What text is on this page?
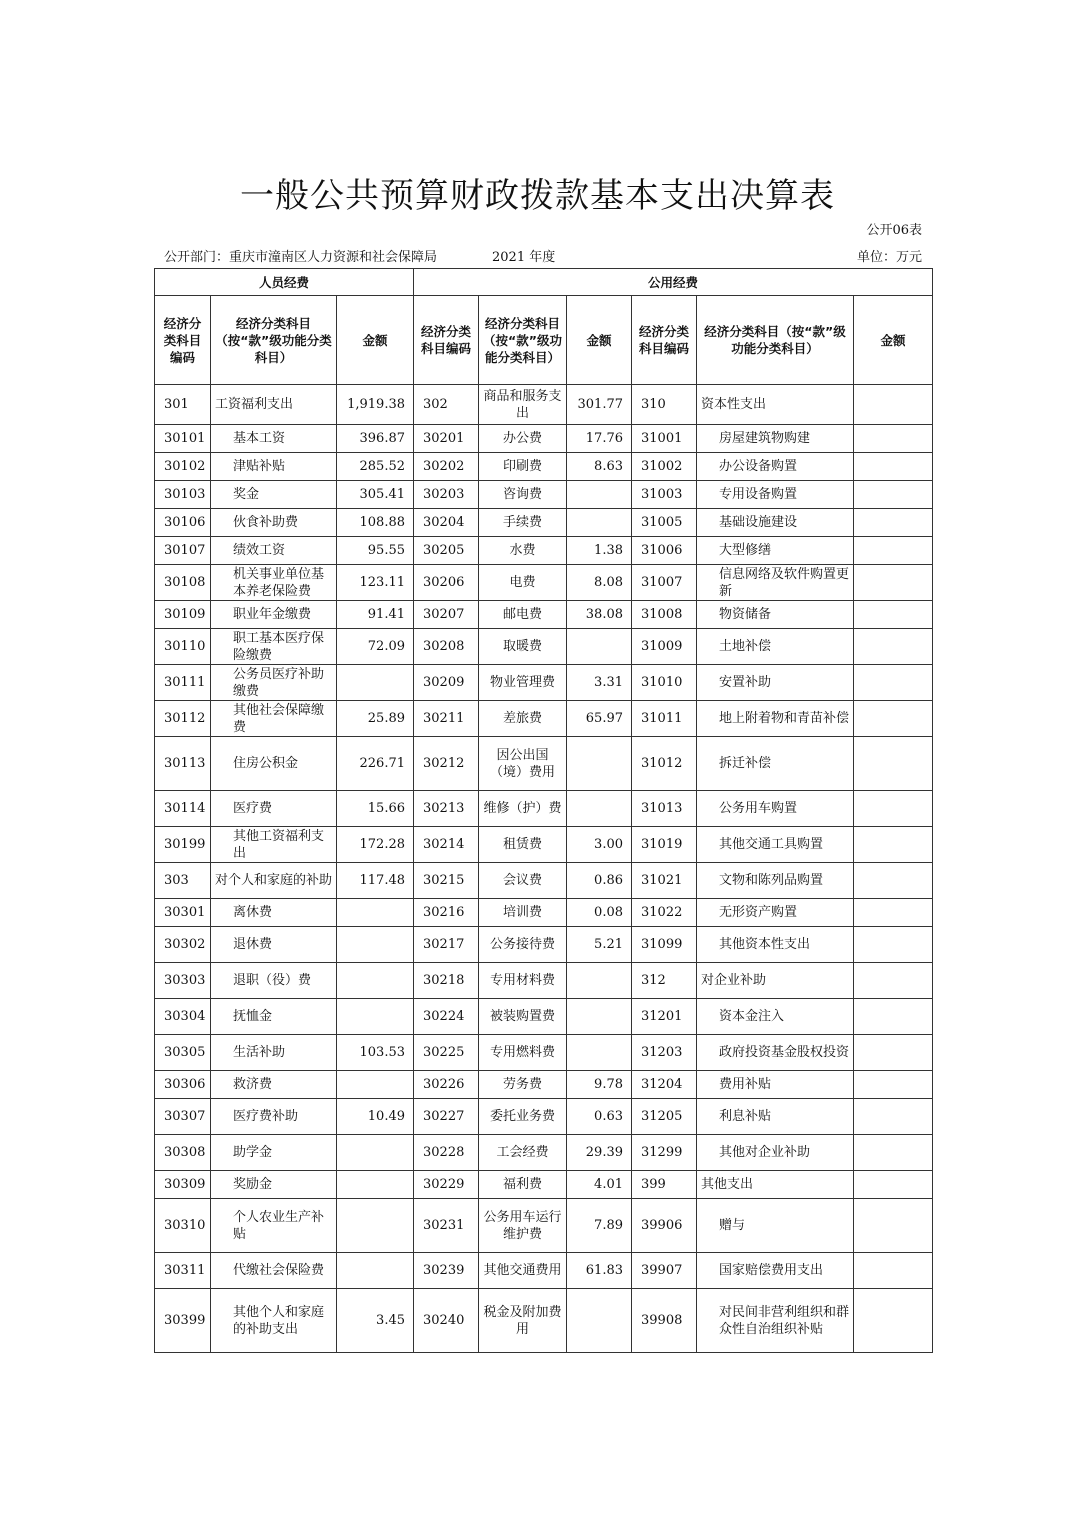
一般公共预算财政拨款基本支出决算表
公开06表
公开部门：重庆市潼南区人力资源和社会保障局	2021 年度	单位：万元
人员经费			公用经费					
经济分类科目编码	经济分类科目（按“款”级功能分类科目）	金额	经济分类科目编码	经济分类科目（按“款”级功能分类科目）	金额	经济分类科目编码	经济分类科目（按“款”级功能分类科目）	金额
301	工资福利支出	1,919.38	302	商品和服务支出	301.77	310	资本性支出	
30101	基本工资	396.87	30201	办公费	17.76	31001	房屋建筑物购建	
30102	津贴补贴	285.52	30202	印刷费	8.63	31002	办公设备购置	
30103	奖金	305.41	30203	咨询费		31003	专用设备购置	
30106	伙食补助费	108.88	30204	手续费		31005	基础设施建设	
30107	绩效工资	95.55	30205	水费	1.38	31006	大型修缮	
30108	机关事业单位基本养老保险费	123.11	30206	电费	8.08	31007	信息网络及软件购置更新	
30109	职业年金缴费	91.41	30207	邮电费	38.08	31008	物资储备	
30110	职工基本医疗保险缴费	72.09	30208	取暖费		31009	土地补偿	
30111	公务员医疗补助缴费		30209	物业管理费	3.31	31010	安置补助	
30112	其他社会保障缴费	25.89	30211	差旅费	65.97	31011	地上附着物和青苗补偿	
30113	住房公积金	226.71	30212	因公出国（境）费用		31012	拆迁补偿	
30114	医疗费	15.66	30213	维修（护）费		31013	公务用车购置	
30199	其他工资福利支出	172.28	30214	租赁费	3.00	31019	其他交通工具购置	
303	对个人和家庭的补助	117.48	30215	会议费	0.86	31021	文物和陈列品购置	
30301	离休费		30216	培训费	0.08	31022	无形资产购置	
30302	退休费		30217	公务接待费	5.21	31099	其他资本性支出	
30303	退职（役）费		30218	专用材料费		312	对企业补助	
30304	抚恤金		30224	被装购置费		31201	资本金注入	
30305	生活补助	103.53	30225	专用燃料费		31203	政府投资基金股权投资	
30306	救济费		30226	劳务费	9.78	31204	费用补贴	
30307	医疗费补助	10.49	30227	委托业务费	0.63	31205	利息补贴	
30308	助学金		30228	工会经费	29.39	31299	其他对企业补助	
30309	奖励金		30229	福利费	4.01	399	其他支出	
30310	个人农业生产补贴		30231	公务用车运行维护费	7.89	39906	赠与	
30311	代缴社会保险费		30239	其他交通费用	61.83	39907	国家赔偿费用支出	
30399	其他个人和家庭的补助支出	3.45	30240	税金及附加费用		39908	对民间非营利组织和群众性自治组织补贴	
